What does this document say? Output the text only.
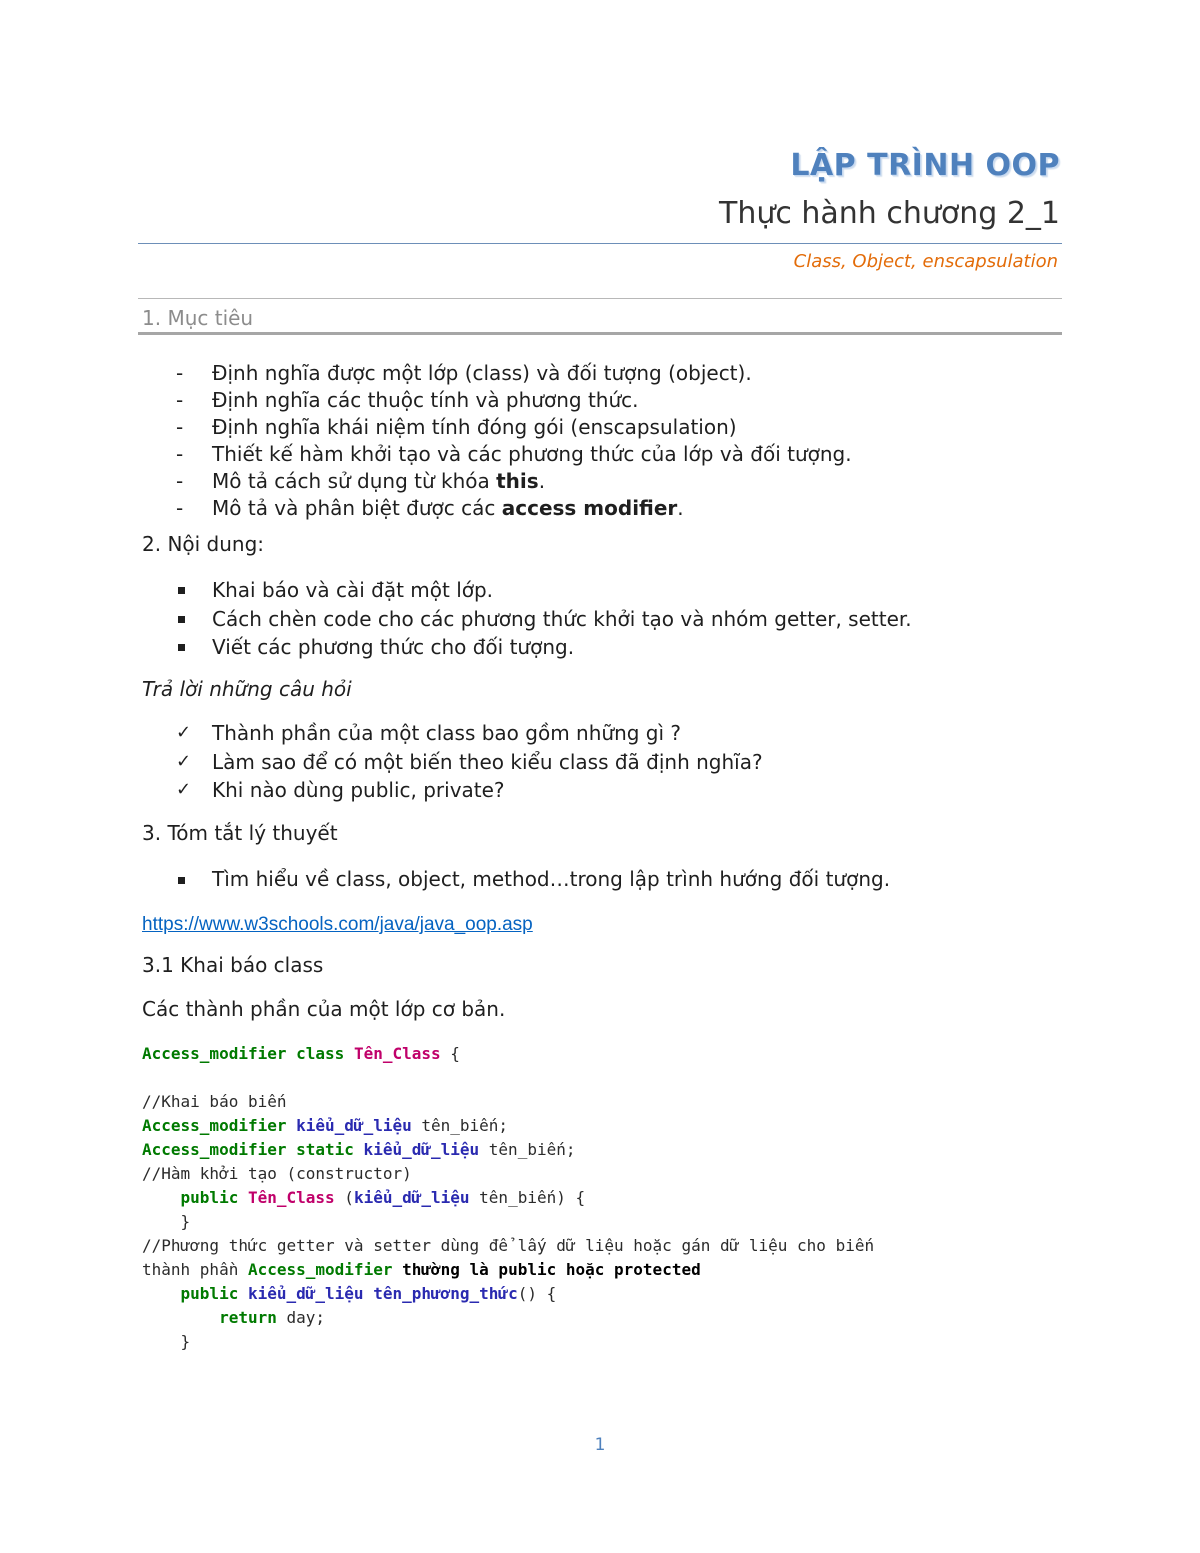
LẬP TRÌNH OOP
Thực hành chương 2_1
Class, Object, enscapsulation
1. Mục tiêu
- Định nghĩa được một lớp (class) và đối tượng (object).
- Định nghĩa các thuộc tính và phương thức.
- Định nghĩa khái niệm tính đóng gói (enscapsulation)
- Thiết kế hàm khởi tạo và các phương thức của lớp và đối tượng.
- Mô tả cách sử dụng từ khóa this.
- Mô tả và phân biệt được các access modifier.
2. Nội dung:
Khai báo và cài đặt một lớp.
Cách chèn code cho các phương thức khởi tạo và nhóm getter, setter.
Viết các phương thức cho đối tượng.
Trả lời những câu hỏi
✓ Thành phần của một class bao gồm những gì ?
✓ Làm sao để có một biến theo kiểu class đã định nghĩa?
✓ Khi nào dùng public, private?
3. Tóm tắt lý thuyết
Tìm hiểu về class, object, method…trong lập trình hướng đối tượng.
https://www.w3schools.com/java/java_oop.asp
3.1 Khai báo class
Các thành phần của một lớp cơ bản.
Access_modifier class Tên_Class {

//Khai báo biến
Access_modifier kiểu_dữ_liệu tên_biến;
Access_modifier static kiểu_dữ_liệu tên_biến;
//Hàm khởi tạo (constructor)
public Tên_Class (kiểu_dữ_liệu tên_biến) {
}
//Phương thức getter và setter dùng để lấy dữ liệu hoặc gán dữ liệu cho biến
thành phần Access_modifier thường là public hoặc protected
public kiểu_dữ_liệu tên_phương_thức() {
return day;
}
1
